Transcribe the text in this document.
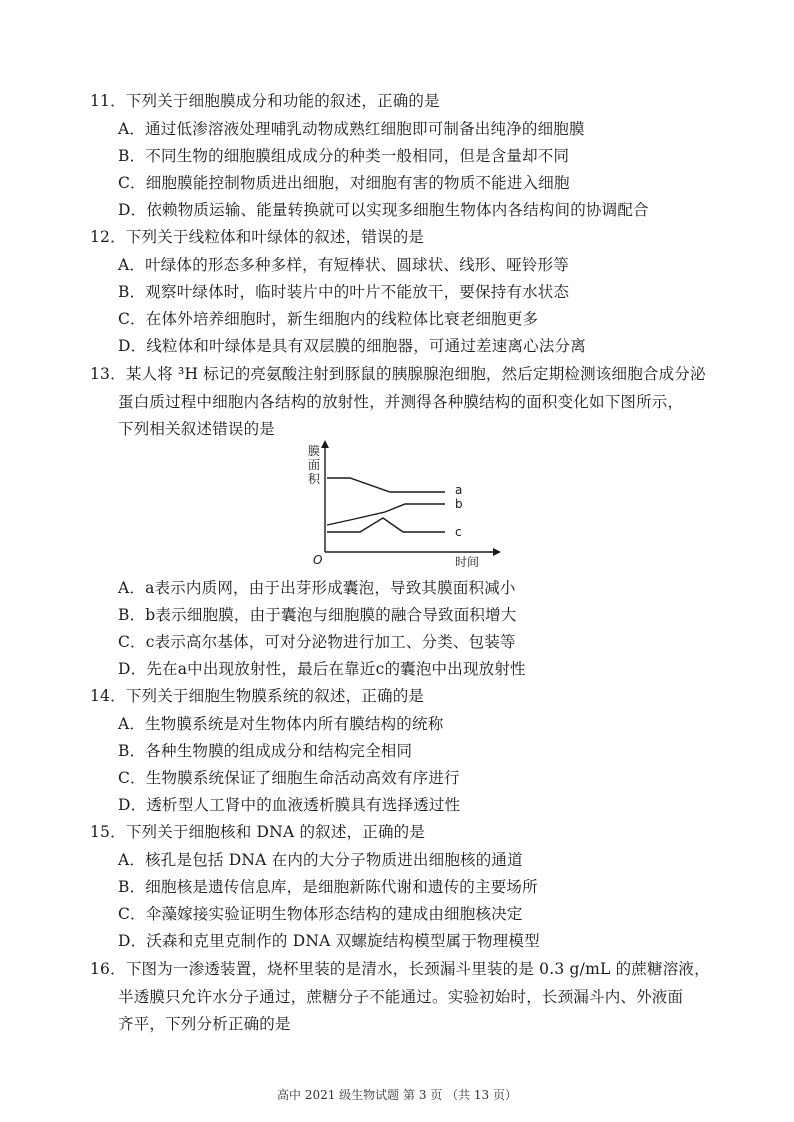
11．下列关于细胞膜成分和功能的叙述，正确的是
A．通过低渗溶液处理哺乳动物成熟红细胞即可制备出纯净的细胞膜
B．不同生物的细胞膜组成成分的种类一般相同，但是含量却不同
C．细胞膜能控制物质进出细胞，对细胞有害的物质不能进入细胞
D．依赖物质运输、能量转换就可以实现多细胞生物体内各结构间的协调配合
12．下列关于线粒体和叶绿体的叙述，错误的是
A．叶绿体的形态多种多样，有短棒状、圆球状、线形、哑铃形等
B．观察叶绿体时，临时装片中的叶片不能放干，要保持有水状态
C．在体外培养细胞时，新生细胞内的线粒体比衰老细胞更多
D．线粒体和叶绿体是具有双层膜的细胞器，可通过差速离心法分离
13．某人将 ³H 标记的亮氨酸注射到豚鼠的胰腺腺泡细胞，然后定期检测该细胞合成分泌
蛋白质过程中细胞内各结构的放射性，并测得各种膜结构的面积变化如下图所示，
下列相关叙述错误的是
膜
面
积
O	时间
a
b
c
A．a表示内质网，由于出芽形成囊泡，导致其膜面积减小
B．b表示细胞膜，由于囊泡与细胞膜的融合导致面积增大
C．c表示高尔基体，可对分泌物进行加工、分类、包装等
D．先在a中出现放射性，最后在靠近c的囊泡中出现放射性
14．下列关于细胞生物膜系统的叙述，正确的是
A．生物膜系统是对生物体内所有膜结构的统称
B．各种生物膜的组成成分和结构完全相同
C．生物膜系统保证了细胞生命活动高效有序进行
D．透析型人工肾中的血液透析膜具有选择透过性
15．下列关于细胞核和 DNA 的叙述，正确的是
A．核孔是包括 DNA 在内的大分子物质进出细胞核的通道
B．细胞核是遗传信息库，是细胞新陈代谢和遗传的主要场所
C．伞藻嫁接实验证明生物体形态结构的建成由细胞核决定
D．沃森和克里克制作的 DNA 双螺旋结构模型属于物理模型
16．下图为一渗透装置，烧杯里装的是清水，长颈漏斗里装的是 0.3 g/mL 的蔗糖溶液，
半透膜只允许水分子通过，蔗糖分子不能通过。实验初始时，长颈漏斗内、外液面
齐平，下列分析正确的是
高中 2021 级生物试题 第 3 页 （共 13 页）
